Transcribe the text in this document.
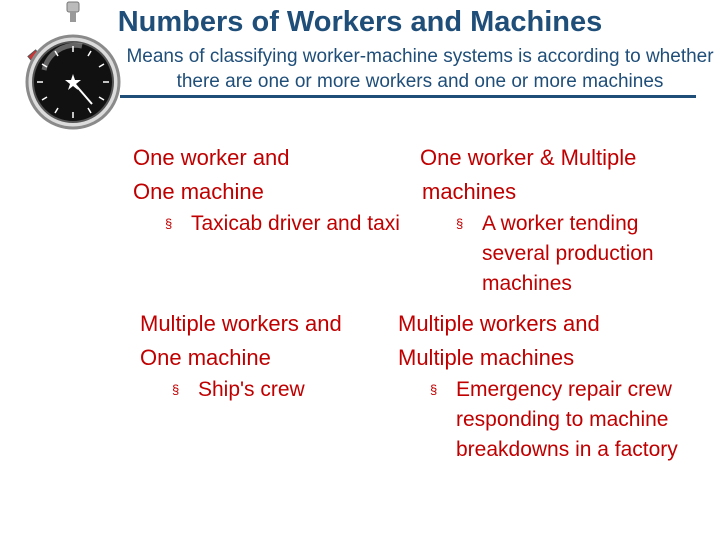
Numbers of Workers and Machines
Means of classifying worker-machine systems is according to whether there are one or more workers and one or more machines
One worker and
One machine
§ Taxicab driver and taxi
One worker & Multiple
machines
§ A worker tending several production machines
Multiple workers and
One machine
§ Ship's crew
Multiple workers and
Multiple machines
§ Emergency repair crew responding to machine breakdowns in a factory
